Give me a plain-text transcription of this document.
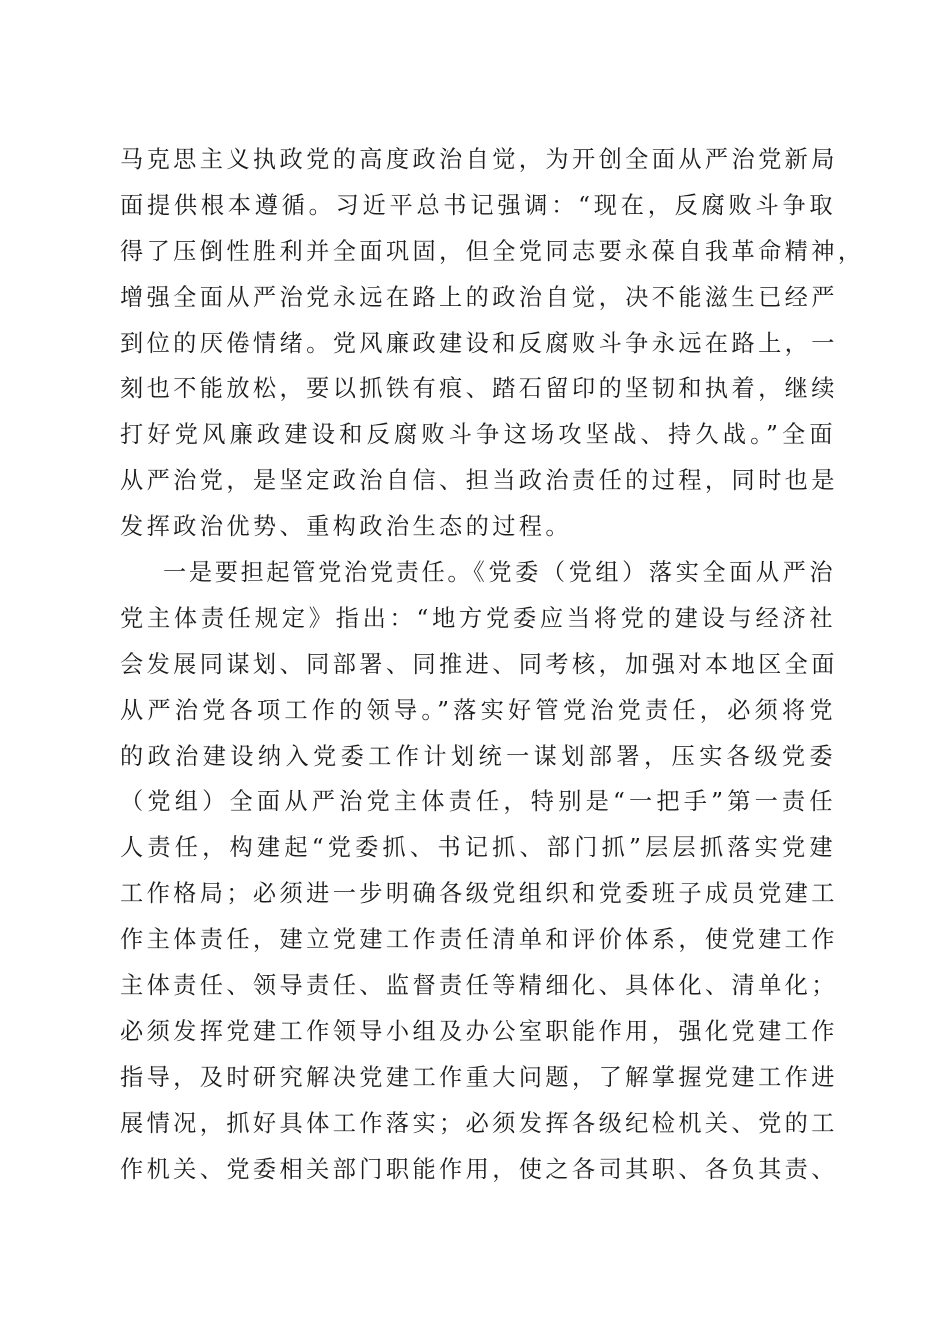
马克思主义执政党的高度政治自觉，为开创全面从严治党新局
面提供根本遵循。习近平总书记强调：“现在，反腐败斗争取
得了压倒性胜利并全面巩固，但全党同志要永葆自我革命精神，
增强全面从严治党永远在路上的政治自觉，决不能滋生已经严
到位的厌倦情绪。党风廉政建设和反腐败斗争永远在路上，一
刻也不能放松，要以抓铁有痕、踏石留印的坚韧和执着，继续
打好党风廉政建设和反腐败斗争这场攻坚战、持久战。”全面
从严治党，是坚定政治自信、担当政治责任的过程，同时也是
发挥政治优势、重构政治生态的过程。
一是要担起管党治党责任。《党委（党组）落实全面从严治
党主体责任规定》指出：“地方党委应当将党的建设与经济社
会发展同谋划、同部署、同推进、同考核，加强对本地区全面
从严治党各项工作的领导。”落实好管党治党责任，必须将党
的政治建设纳入党委工作计划统一谋划部署，压实各级党委
（党组）全面从严治党主体责任，特别是“一把手”第一责任
人责任，构建起“党委抓、书记抓、部门抓”层层抓落实党建
工作格局；必须进一步明确各级党组织和党委班子成员党建工
作主体责任，建立党建工作责任清单和评价体系，使党建工作
主体责任、领导责任、监督责任等精细化、具体化、清单化；
必须发挥党建工作领导小组及办公室职能作用，强化党建工作
指导，及时研究解决党建工作重大问题，了解掌握党建工作进
展情况，抓好具体工作落实；必须发挥各级纪检机关、党的工
作机关、党委相关部门职能作用，使之各司其职、各负其责、
